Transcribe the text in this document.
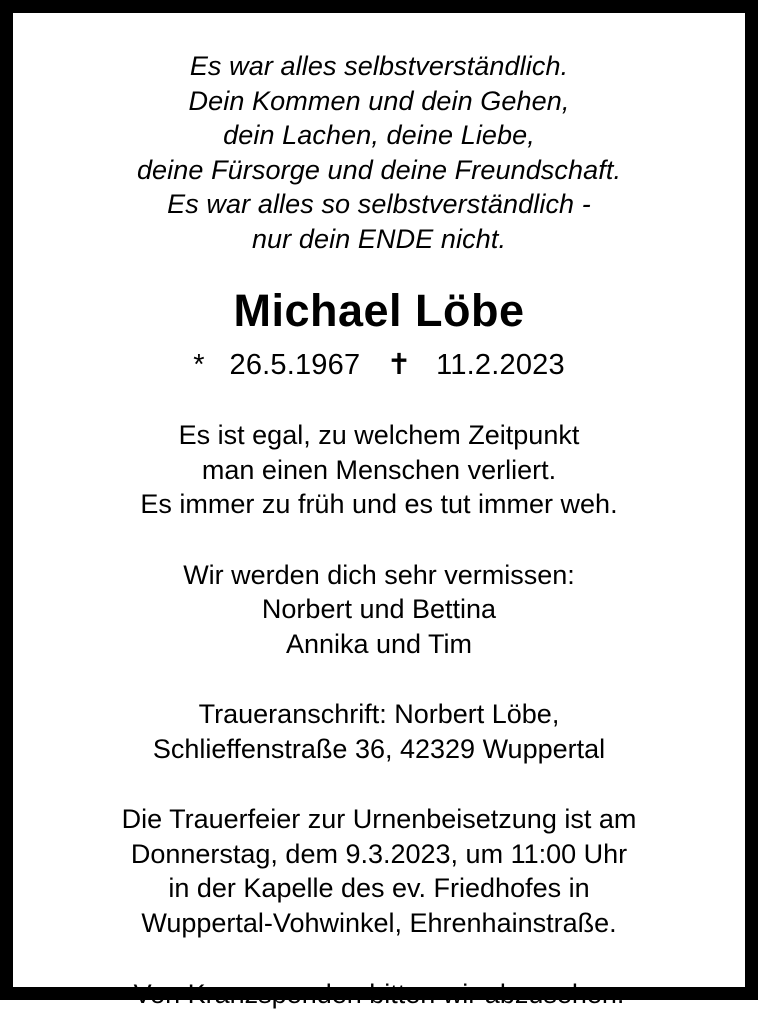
Es war alles selbstverständlich.
Dein Kommen und dein Gehen,
dein Lachen, deine Liebe,
deine Fürsorge und deine Freundschaft.
Es war alles so selbstverständlich -
nur dein ENDE nicht.
Michael Löbe
* 26.5.1967 ✝ 11.2.2023
Es ist egal, zu welchem Zeitpunkt
man einen Menschen verliert.
Es immer zu früh und es tut immer weh.
Wir werden dich sehr vermissen:
Norbert und Bettina
Annika und Tim
Traueranschrift: Norbert Löbe,
Schlieffenstraße 36, 42329 Wuppertal
Die Trauerfeier zur Urnenbeisetzung ist am
Donnerstag, dem 9.3.2023, um 11:00 Uhr
in der Kapelle des ev. Friedhofes in
Wuppertal-Vohwinkel, Ehrenhainstraße.
Von Kranzspenden bitten wir abzusehen.
